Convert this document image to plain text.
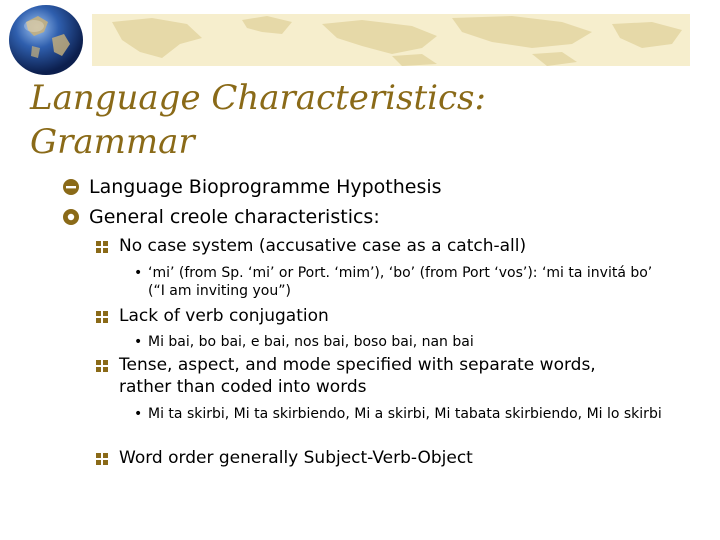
Language Characteristics:
Grammar
Language Bioprogramme Hypothesis
General creole characteristics:
No case system (accusative case as a catch-all)
• ‘mi’ (from Sp. ‘mi’ or Port. ‘mim’), ‘bo’ (from Port ‘vos’): ‘mi ta invitá bo’ (“I am inviting you”)
Lack of verb conjugation
• Mi bai, bo bai, e bai, nos bai, boso bai, nan bai
Tense, aspect, and mode specified with separate words, rather than coded into words
• Mi ta skirbi, Mi ta skirbiendo, Mi a skirbi, Mi tabata skirbiendo, Mi lo skirbi
Word order generally Subject-Verb-Object
